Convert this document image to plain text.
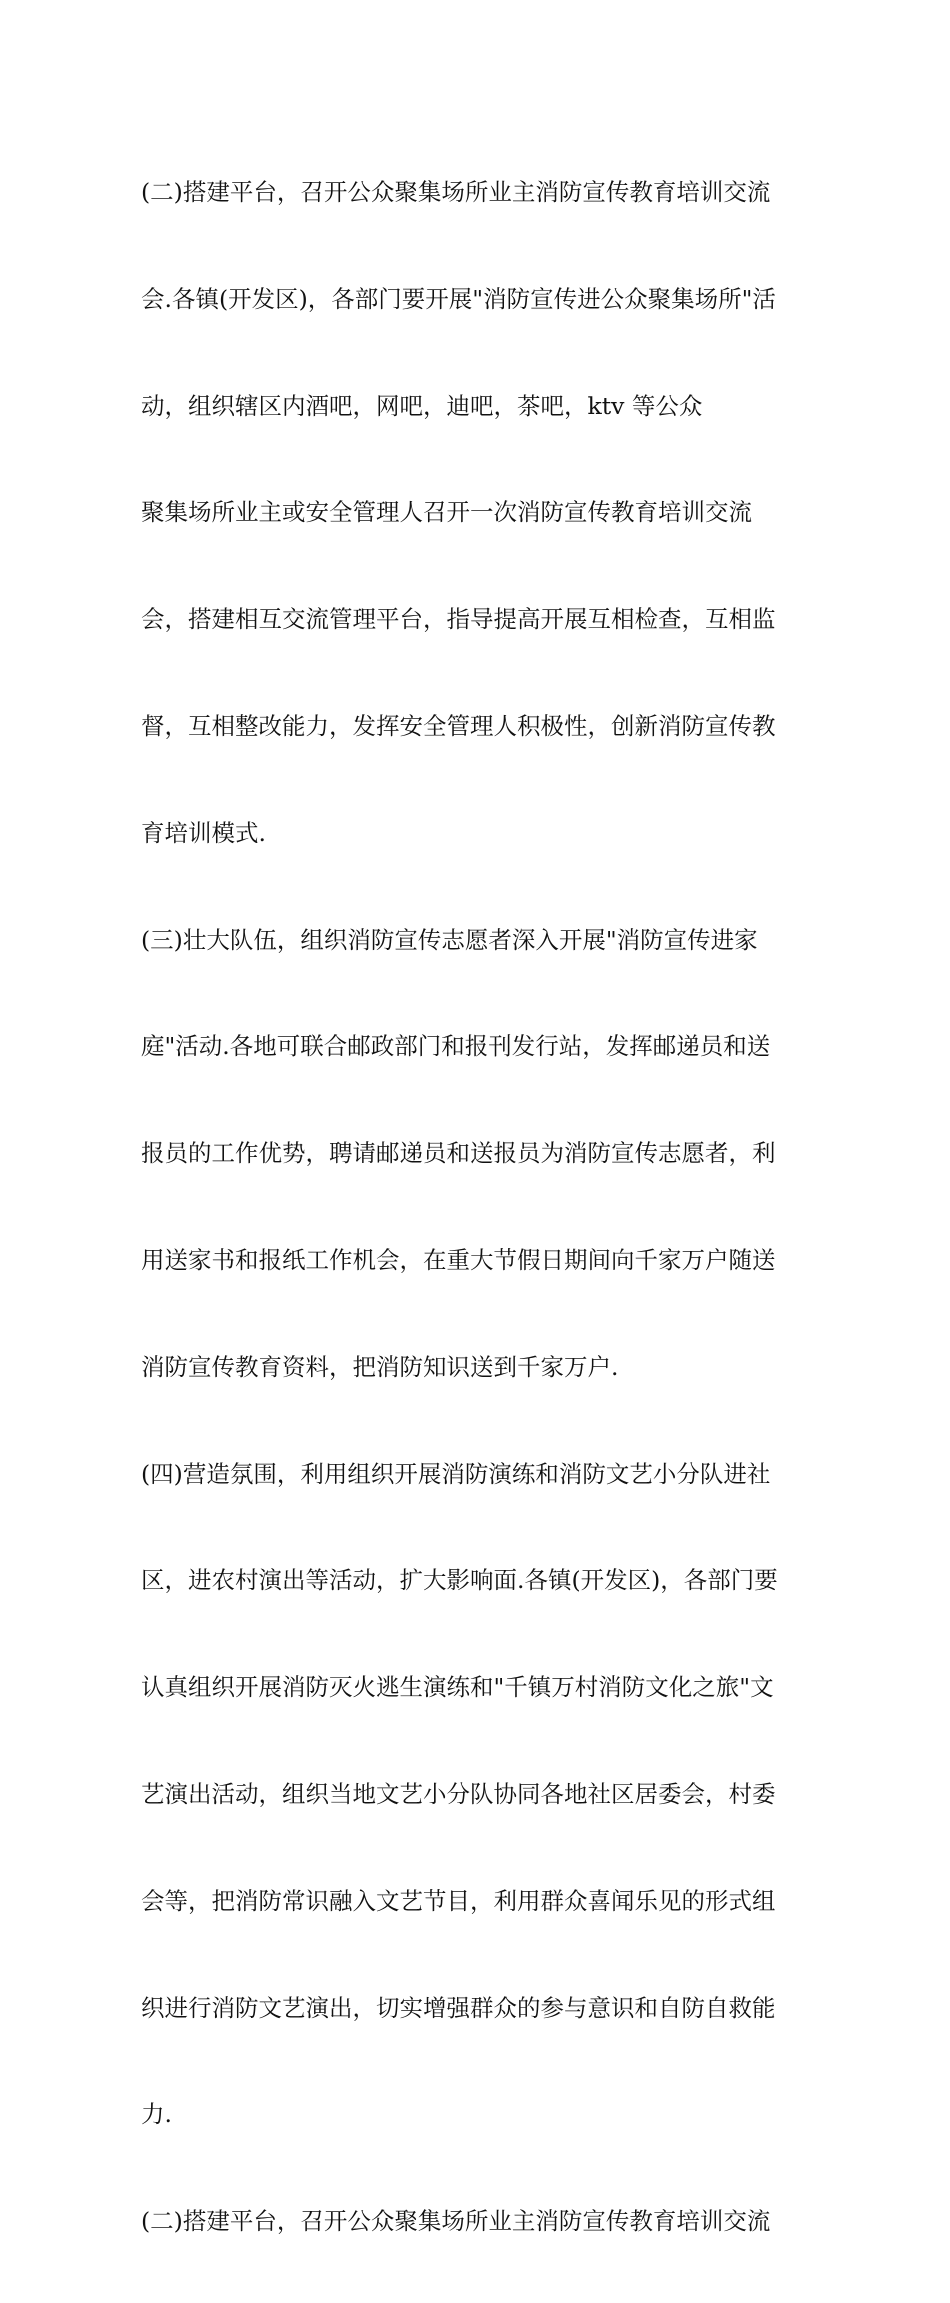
(二)搭建平台，召开公众聚集场所业主消防宣传教育培训交流

会.各镇(开发区)，各部门要开展"消防宣传进公众聚集场所"活

动，组织辖区内酒吧，网吧，迪吧，茶吧，ktv 等公众

聚集场所业主或安全管理人召开一次消防宣传教育培训交流

会，搭建相互交流管理平台，指导提高开展互相检查，互相监

督，互相整改能力，发挥安全管理人积极性，创新消防宣传教

育培训模式.

(三)壮大队伍，组织消防宣传志愿者深入开展"消防宣传进家

庭"活动.各地可联合邮政部门和报刊发行站，发挥邮递员和送

报员的工作优势，聘请邮递员和送报员为消防宣传志愿者，利

用送家书和报纸工作机会，在重大节假日期间向千家万户随送

消防宣传教育资料，把消防知识送到千家万户.

(四)营造氛围，利用组织开展消防演练和消防文艺小分队进社

区，进农村演出等活动，扩大影响面.各镇(开发区)，各部门要

认真组织开展消防灭火逃生演练和"千镇万村消防文化之旅"文

艺演出活动，组织当地文艺小分队协同各地社区居委会，村委

会等，把消防常识融入文艺节目，利用群众喜闻乐见的形式组

织进行消防文艺演出，切实增强群众的参与意识和自防自救能

力.

(二)搭建平台，召开公众聚集场所业主消防宣传教育培训交流
